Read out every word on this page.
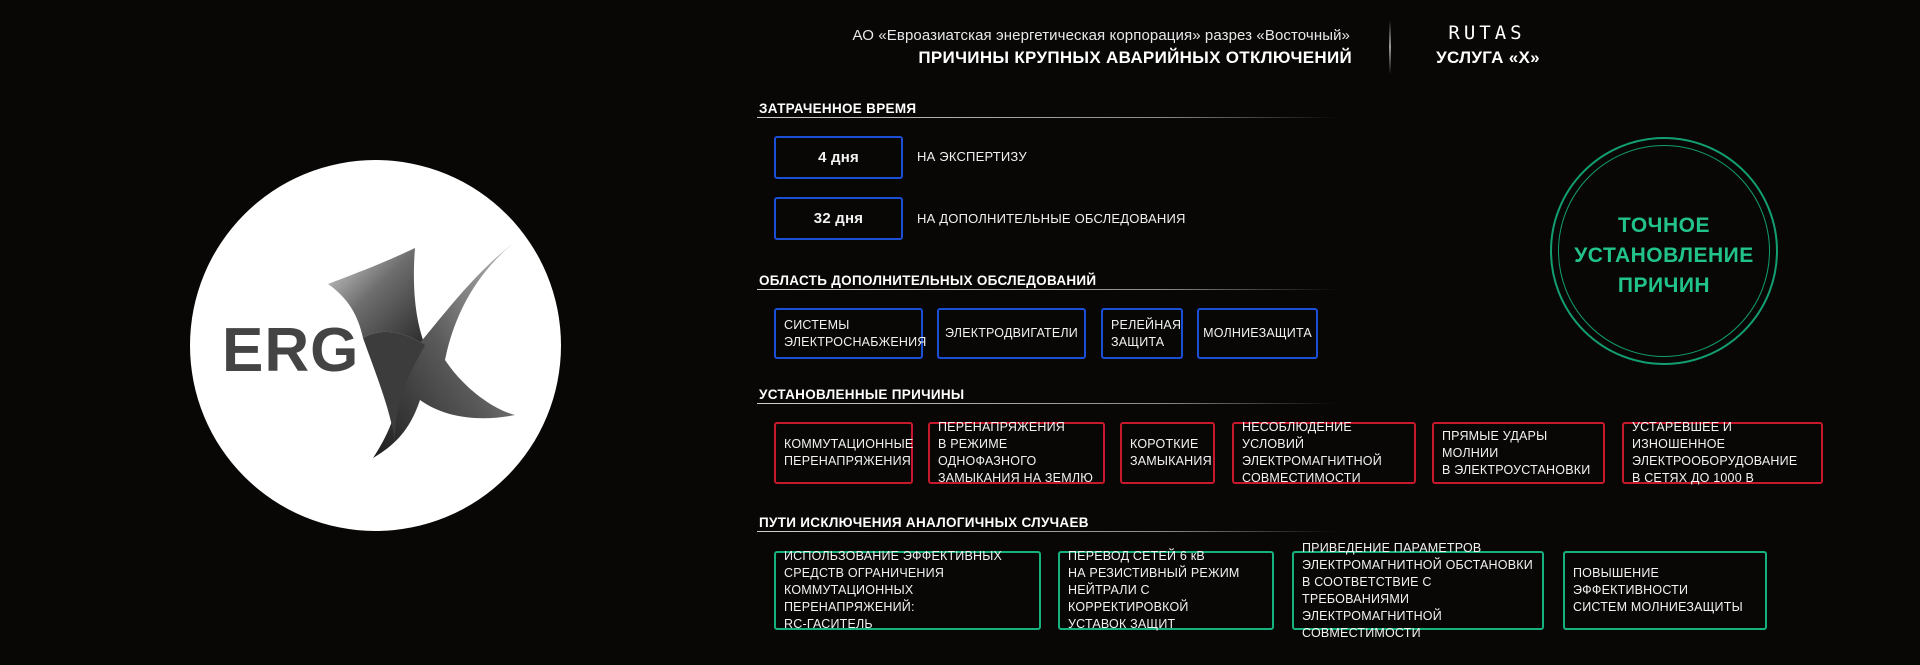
ERG
АО «Евроазиатская энергетическая корпорация» разрез «Восточный»
ПРИЧИНЫ КРУПНЫХ АВАРИЙНЫХ ОТКЛЮЧЕНИЙ
RUTAS
УСЛУГА «Х»
ЗАТРАЧЕННОЕ ВРЕМЯ
4 дня	НА ЭКСПЕРТИЗУ
32 дня	НА ДОПОЛНИТЕЛЬНЫЕ ОБСЛЕДОВАНИЯ
ОБЛАСТЬ ДОПОЛНИТЕЛЬНЫХ ОБСЛЕДОВАНИЙ
СИСТЕМЫ
ЭЛЕКТРОСНАБЖЕНИЯ
ЭЛЕКТРОДВИГАТЕЛИ
РЕЛЕЙНАЯ
ЗАЩИТА
МОЛНИЕЗАЩИТА
УСТАНОВЛЕННЫЕ ПРИЧИНЫ
КОММУТАЦИОННЫЕ
ПЕРЕНАПРЯЖЕНИЯ
ПЕРЕНАПРЯЖЕНИЯ
В РЕЖИМЕ ОДНОФАЗНОГО
ЗАМЫКАНИЯ НА ЗЕМЛЮ
КОРОТКИЕ
ЗАМЫКАНИЯ
НЕСОБЛЮДЕНИЕ УСЛОВИЙ
ЭЛЕКТРОМАГНИТНОЙ
СОВМЕСТИМОСТИ
ПРЯМЫЕ УДАРЫ МОЛНИИ
В ЭЛЕКТРОУСТАНОВКИ
УСТАРЕВШЕЕ И ИЗНОШЕННОЕ
ЭЛЕКТРООБОРУДОВАНИЕ
В СЕТЯХ ДО 1000 В
ПУТИ ИСКЛЮЧЕНИЯ АНАЛОГИЧНЫХ СЛУЧАЕВ
ИСПОЛЬЗОВАНИЕ ЭФФЕКТИВНЫХ
СРЕДСТВ ОГРАНИЧЕНИЯ
КОММУТАЦИОННЫХ ПЕРЕНАПРЯЖЕНИЙ:
RC-ГАСИТЕЛЬ
ПЕРЕВОД СЕТЕЙ 6 кВ
НА РЕЗИСТИВНЫЙ РЕЖИМ
НЕЙТРАЛИ С КОРРЕКТИРОВКОЙ
УСТАВОК ЗАЩИТ
ПРИВЕДЕНИЕ ПАРАМЕТРОВ
ЭЛЕКТРОМАГНИТНОЙ ОБСТАНОВКИ
В СООТВЕТСТВИЕ С ТРЕБОВАНИЯМИ
ЭЛЕКТРОМАГНИТНОЙ СОВМЕСТИМОСТИ
ПОВЫШЕНИЕ ЭФФЕКТИВНОСТИ
СИСТЕМ МОЛНИЕЗАЩИТЫ
ТОЧНОЕ
УСТАНОВЛЕНИЕ
ПРИЧИН
